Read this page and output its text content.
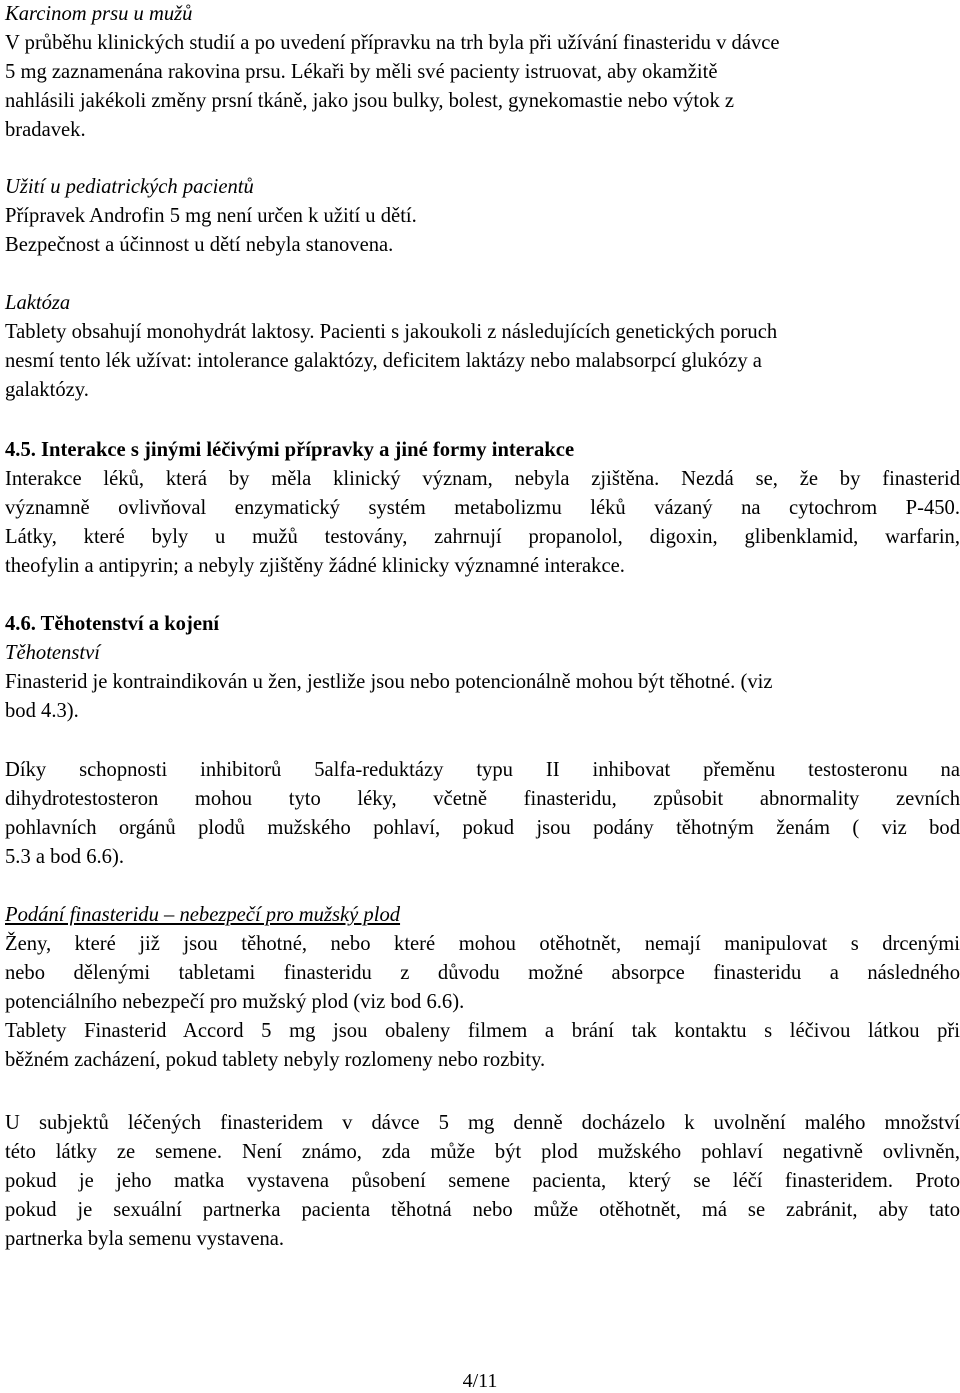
Karcinom prsu u mužů
V průběhu klinických studií a po uvedení přípravku na trh byla při užívání finasteridu v dávce
5 mg zaznamenána rakovina prsu. Lékaři by měli své pacienty istruovat, aby okamžitě
nahlásili jakékoli změny prsní tkáně, jako jsou bulky, bolest, gynekomastie nebo výtok z
bradavek.
Užití u pediatrických pacientů
Přípravek Androfin 5 mg není určen k užití u dětí.
Bezpečnost a účinnost u dětí nebyla stanovena.
Laktóza
Tablety obsahují monohydrát laktosy. Pacienti s jakoukoli z následujících genetických poruch
nesmí tento lék užívat: intolerance galaktózy, deficitem laktázy nebo malabsorpcí glukózy a
galaktózy.
4.5. Interakce s jinými léčivými přípravky a jiné formy interakce
Interakce léků, která by měla klinický význam, nebyla zjištěna. Nezdá se, že by finasterid
významně ovlivňoval enzymatický systém metabolizmu léků vázaný na cytochrom P-450.
Látky, které byly u mužů testovány, zahrnují propanolol, digoxin, glibenklamid, warfarin,
theofylin a antipyrin; a nebyly zjištěny žádné klinicky významné interakce.
4.6. Těhotenství a kojení
Těhotenství
Finasterid je kontraindikován u žen, jestliže jsou nebo potencionálně mohou být těhotné. (viz
bod 4.3).
Díky schopnosti inhibitorů 5alfa-reduktázy typu II inhibovat přeměnu testosteronu na
dihydrotestosteron mohou tyto léky, včetně finasteridu, způsobit abnormality zevních
pohlavních orgánů plodů mužského pohlaví, pokud jsou podány těhotným ženám ( viz bod
5.3 a bod 6.6).
Podání finasteridu – nebezpečí pro mužský plod
Ženy, které již jsou těhotné, nebo které mohou otěhotnět, nemají manipulovat s drcenými
nebo dělenými tabletami finasteridu z důvodu možné absorpce finasteridu a následného
potenciálního nebezpečí pro mužský plod (viz bod 6.6).
Tablety Finasterid Accord 5 mg jsou obaleny filmem a brání tak kontaktu s léčivou látkou při
běžném zacházení, pokud tablety nebyly rozlomeny nebo rozbity.
U subjektů léčených finasteridem v dávce 5 mg denně docházelo k uvolnění malého množství
této látky ze semene. Není známo, zda může být plod mužského pohlaví negativně ovlivněn,
pokud je jeho matka vystavena působení semene pacienta, který se léčí finasteridem. Proto
pokud je sexuální partnerka pacienta těhotná nebo může otěhotnět, má se zabránit, aby tato
partnerka byla semenu vystavena.
4/11
